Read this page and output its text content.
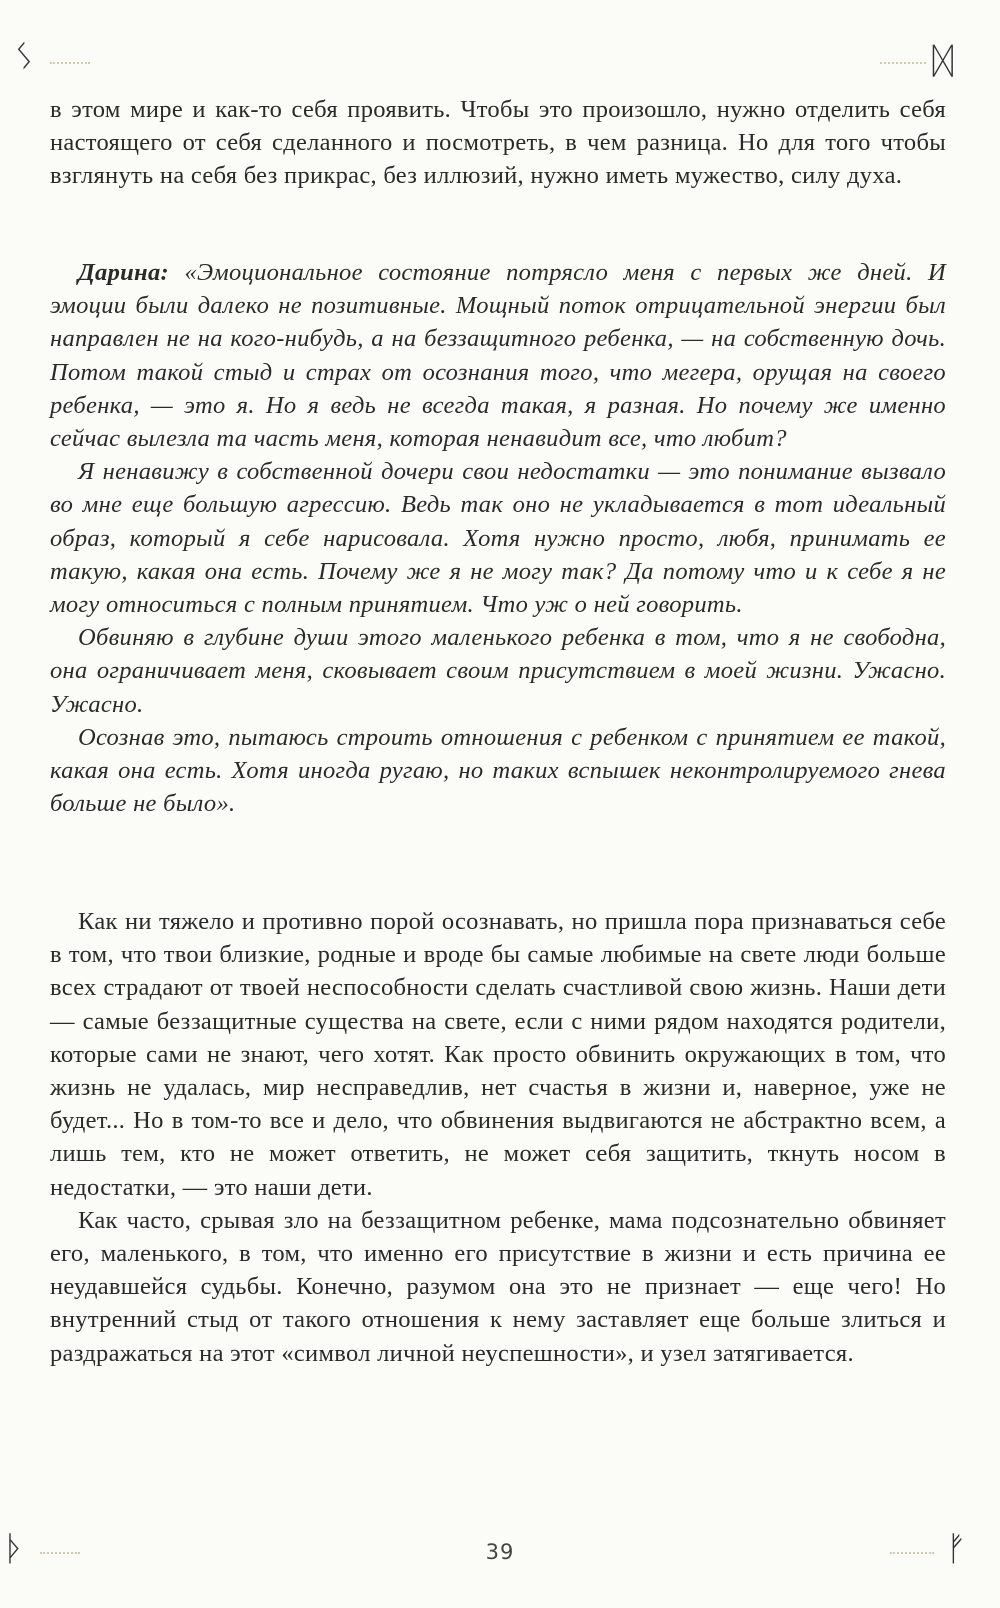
ᛊ	ᛞ

в этом мире и как-то себя проявить. Чтобы это произошло, нужно отделить себя настоящего от себя сделанного и посмотреть, в чем разница. Но для того чтобы взглянуть на себя без прикрас, без иллюзий, нужно иметь мужество, силу духа.

Дарина: «Эмоциональное состояние потрясло меня с первых же дней. И эмоции были далеко не позитивные. Мощный поток отрицательной энергии был направлен не на кого-нибудь, а на беззащитного ребенка, — на собственную дочь. Потом такой стыд и страх от осознания того, что мегера, орущая на своего ребенка, — это я. Но я ведь не всегда такая, я разная. Но почему же именно сейчас вылезла та часть меня, которая ненавидит все, что любит?

Я ненавижу в собственной дочери свои недостатки — это понимание вызвало во мне еще большую агрессию. Ведь так оно не укладывается в тот идеальный образ, который я себе нарисовала. Хотя нужно просто, любя, принимать ее такую, какая она есть. Почему же я не могу так? Да потому что и к себе я не могу относиться с полным принятием. Что уж о ней говорить.

Обвиняю в глубине души этого маленького ребенка в том, что я не свободна, она ограничивает меня, сковывает своим присутствием в моей жизни. Ужасно. Ужасно.

Осознав это, пытаюсь строить отношения с ребенком с принятием ее такой, какая она есть. Хотя иногда ругаю, но таких вспышек неконтролируемого гнева больше не было».

Как ни тяжело и противно порой осознавать, но пришла пора признаваться себе в том, что твои близкие, родные и вроде бы самые любимые на свете люди больше всех страдают от твоей неспособности сделать счастливой свою жизнь. Наши дети — самые беззащитные существа на свете, если с ними рядом находятся родители, которые сами не знают, чего хотят. Как просто обвинить окружающих в том, что жизнь не удалась, мир несправедлив, нет счастья в жизни и, наверное, уже не будет... Но в том-то все и дело, что обвинения выдвигаются не абстрактно всем, а лишь тем, кто не может ответить, не может себя защитить, ткнуть носом в недостатки, — это наши дети.

Как часто, срывая зло на беззащитном ребенке, мама подсознательно обвиняет его, маленького, в том, что именно его присутствие в жизни и есть причина ее неудавшейся судьбы. Конечно, разумом она это не признает — еще чего! Но внутренний стыд от такого отношения к нему заставляет еще больше злиться и раздражаться на этот «символ личной неуспешности», и узел затягивается.

ᚦ	39	ᚠ
